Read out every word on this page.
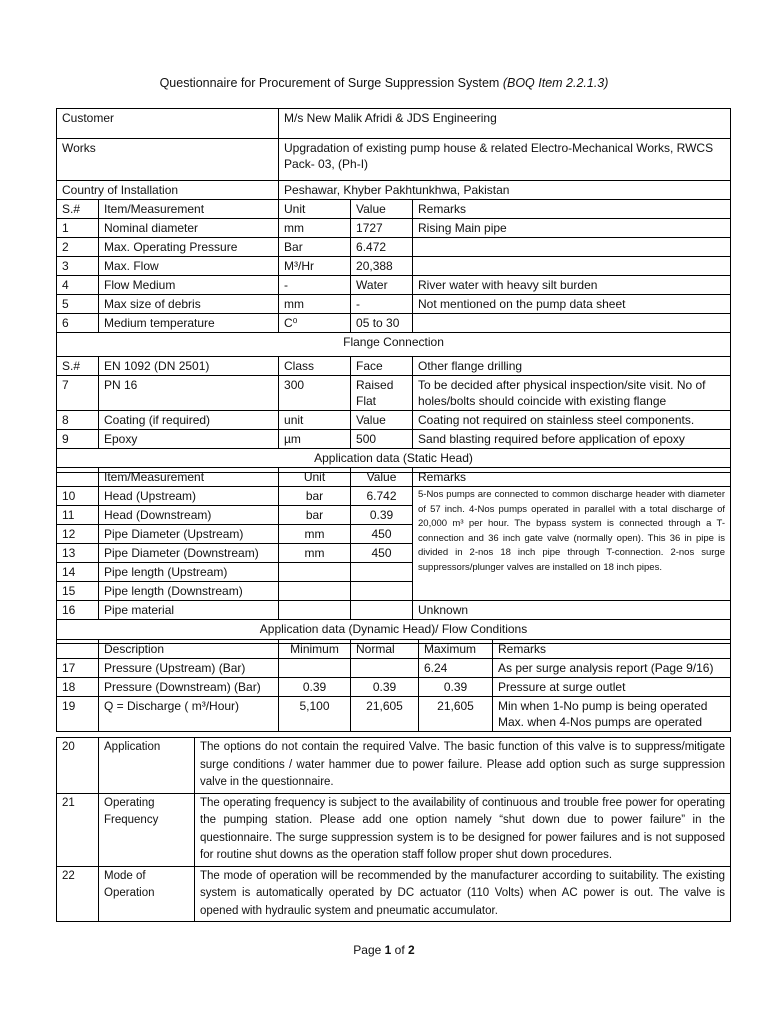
Questionnaire for Procurement of Surge Suppression System (BOQ Item 2.2.1.3)
Customer		M/s New Malik Afridi & JDS Engineering		
Works		Upgradation of existing pump house & related Electro-Mechanical Works, RWCS Pack- 03, (Ph-I)		
Country of Installation		Peshawar, Khyber Pakhtunkhwa, Pakistan		
S.#	Item/Measurement	Unit	Value	Remarks
1	Nominal diameter	mm	1727	Rising Main pipe
2	Max. Operating Pressure	Bar	6.472	
3	Max. Flow	M³/Hr	20,388	
4	Flow Medium	-	Water	River water with heavy silt burden
5	Max size of debris	mm	-	Not mentioned on the pump data sheet
6	Medium temperature	C⁰	05 to 30	
Flange Connection				
S.#	EN 1092 (DN 2501)	Class	Face	Other flange drilling
7	PN 16	300	Raised Flat	To be decided after physical inspection/site visit. No of holes/bolts should coincide with existing flange
8	Coating (if required)	unit	Value	Coating not required on stainless steel components.
9	Epoxy	µm	500	Sand blasting required before application of epoxy
Application data (Static Head)				
	Item/Measurement	Unit	Value	Remarks
10	Head (Upstream)	bar	6.742	5-Nos pumps are connected to common discharge header with diameter of 57 inch. 4-Nos pumps operated in parallel with a total discharge of 20,000 m³ per hour. The bypass system is connected through a T-connection and 36 inch gate valve (normally open). This 36 in pipe is divided in 2-nos 18 inch pipe through T-connection. 2-nos surge suppressors/plunger valves are installed on 18 inch pipes.
11	Head (Downstream)	bar	0.39	
12	Pipe Diameter (Upstream)	mm	450	
13	Pipe Diameter (Downstream)	mm	450	
14	Pipe length (Upstream)			
15	Pipe length (Downstream)			
16	Pipe material			Unknown
Application data (Dynamic Head)/ Flow Conditions				
	Description	Minimum	Normal	Maximum	Remarks
17	Pressure (Upstream) (Bar)			6.24	As per surge analysis report (Page 9/16)
18	Pressure (Downstream) (Bar)	0.39	0.39	0.39	Pressure at surge outlet
19	Q = Discharge ( m³/Hour)	5,100	21,605	21,605	Min when 1-No pump is being operated Max. when 4-Nos pumps are operated
20	Application	The options do not contain the required Valve. The basic function of this valve is to suppress/mitigate surge conditions / water hammer due to power failure. Please add option such as surge suppression valve in the questionnaire.
21	Operating Frequency	The operating frequency is subject to the availability of continuous and trouble free power for operating the pumping station. Please add one option namely “shut down due to power failure” in the questionnaire. The surge suppression system is to be designed for power failures and is not supposed for routine shut downs as the operation staff follow proper shut down procedures.
22	Mode of Operation	The mode of operation will be recommended by the manufacturer according to suitability. The existing system is automatically operated by DC actuator (110 Volts) when AC power is out. The valve is opened with hydraulic system and pneumatic accumulator.
Page 1 of 2
